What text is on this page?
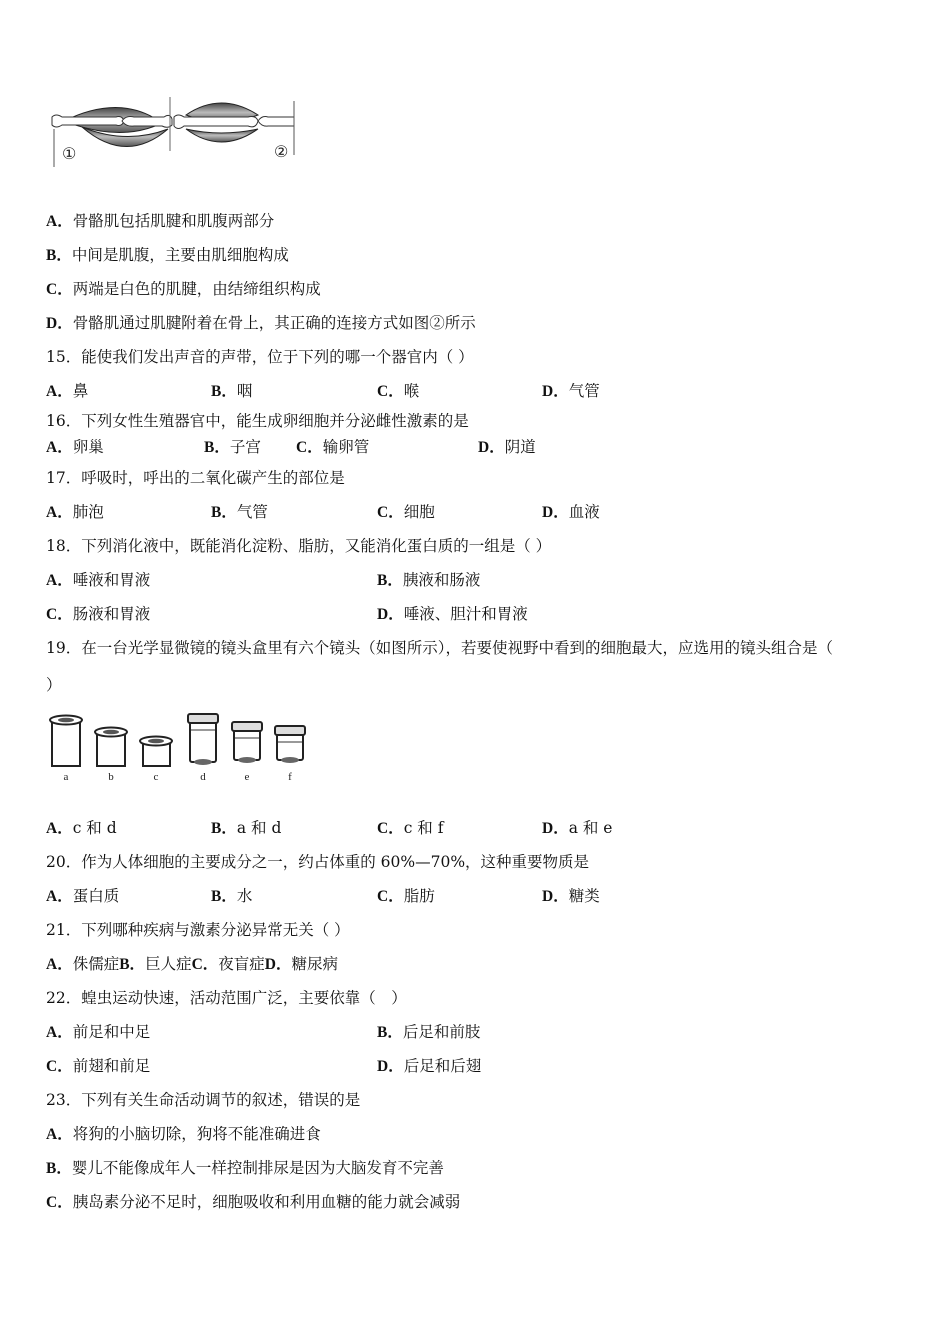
①	②
A．骨骼肌包括肌腱和肌腹两部分
B．中间是肌腹，主要由肌细胞构成
C．两端是白色的肌腱，由结缔组织构成
D．骨骼肌通过肌腱附着在骨上，其正确的连接方式如图②所示
15．能使我们发出声音的声带，位于下列的哪一个器官内（ ）
A．鼻	B．咽	C．喉	D．气管
16．下列女性生殖器官中，能生成卵细胞并分泌雌性激素的是
A．卵巢	B．子宫 C．输卵管	D．阴道
17．呼吸时，呼出的二氧化碳产生的部位是
A．肺泡	B．气管	C．细胞	D．血液
18．下列消化液中，既能消化淀粉、脂肪，又能消化蛋白质的一组是（ ）
A．唾液和胃液	B．胰液和肠液
C．肠液和胃液	D．唾液、胆汁和胃液
19．在一台光学显微镜的镜头盒里有六个镜头（如图所示），若要使视野中看到的细胞最大，应选用的镜头组合是（
）
a	b	c	d	e	f
A．c 和 d	B．a 和 d	C．c 和 f	D．a 和 e
20．作为人体细胞的主要成分之一，约占体重的 60%—70%，这种重要物质是
A．蛋白质	B．水	C．脂肪	D．糖类
21．下列哪种疾病与激素分泌异常无关（ ）
A．侏儒症B．巨人症C．夜盲症D．糖尿病
22．蝗虫运动快速，活动范围广泛，主要依靠（　）
A．前足和中足	B．后足和前肢
C．前翅和前足	D．后足和后翅
23．下列有关生命活动调节的叙述，错误的是
A．将狗的小脑切除，狗将不能准确进食
B．婴儿不能像成年人一样控制排尿是因为大脑发育不完善
C．胰岛素分泌不足时，细胞吸收和利用血糖的能力就会减弱
